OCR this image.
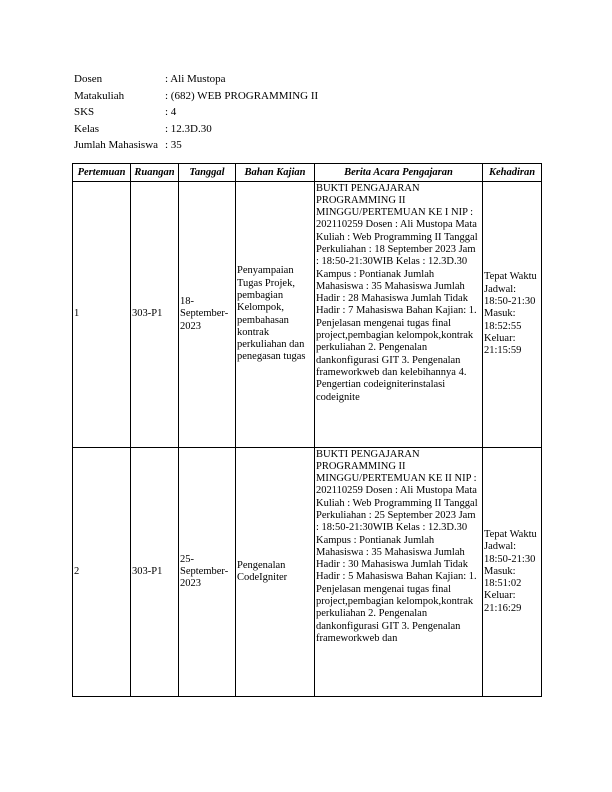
Dosen	: Ali Mustopa
Matakuliah	: (682) WEB PROGRAMMING II
SKS	: 4
Kelas	: 12.3D.30
Jumlah Mahasiswa : 35
Pertemuan	Ruangan	Tanggal	Bahan Kajian	Berita Acara Pengajaran	Kehadiran
1	303-P1	18-September-2023	Penyampaian Tugas Projek, pembagian Kelompok, pembahasan kontrak perkuliahan dan penegasan tugas	BUKTI PENGAJARAN PROGRAMMING II MINGGU/PERTEMUAN KE I NIP : 202110259 Dosen : Ali Mustopa Mata Kuliah : Web Programming II Tanggal Perkuliahan : 18 September 2023 Jam : 18:50-21:30WIB Kelas : 12.3D.30 Kampus : Pontianak Jumlah Mahasiswa : 35 Mahasiswa Jumlah Hadir : 28 Mahasiswa Jumlah Tidak Hadir : 7 Mahasiswa Bahan Kajian: 1. Penjelasan mengenai tugas final project,pembagian kelompok,kontrak perkuliahan 2. Pengenalan dankonfigurasi GIT 3. Pengenalan frameworkweb dan kelebihannya 4. Pengertian codeigniterinstalasi codeignite	Tepat Waktu Jadwal: 18:50-21:30 Masuk: 18:52:55 Keluar: 21:15:59
2	303-P1	25-September-2023	Pengenalan CodeIgniter	BUKTI PENGAJARAN PROGRAMMING II MINGGU/PERTEMUAN KE II NIP : 202110259 Dosen : Ali Mustopa Mata Kuliah : Web Programming II Tanggal Perkuliahan : 25 September 2023 Jam : 18:50-21:30WIB Kelas : 12.3D.30 Kampus : Pontianak Jumlah Mahasiswa : 35 Mahasiswa Jumlah Hadir : 30 Mahasiswa Jumlah Tidak Hadir : 5 Mahasiswa Bahan Kajian: 1. Penjelasan mengenai tugas final project,pembagian kelompok,kontrak perkuliahan 2. Pengenalan dankonfigurasi GIT 3. Pengenalan frameworkweb dan	Tepat Waktu Jadwal: 18:50-21:30 Masuk: 18:51:02 Keluar: 21:16:29
